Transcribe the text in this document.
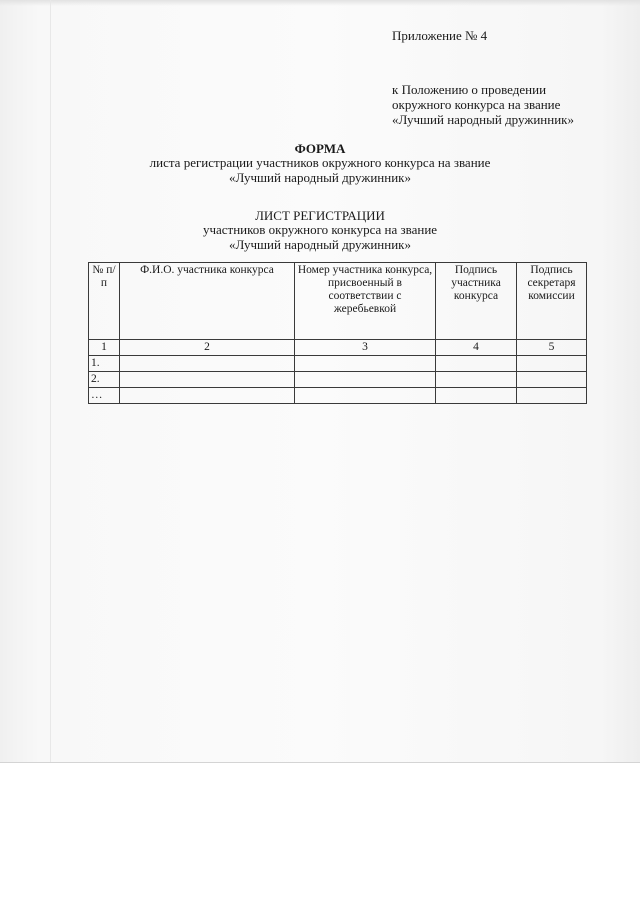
Приложение № 4
к Положению о проведении
окружного конкурса на звание
«Лучший народный дружинник»
ФОРМА
листа регистрации участников окружного конкурса на звание
«Лучший народный дружинник»
ЛИСТ РЕГИСТРАЦИИ
участников окружного конкурса на звание
«Лучший народный дружинник»
№ п/п	Ф.И.О. участника конкурса	Номер участника конкурса, присвоенный в соответствии с жеребьевкой	Подпись участника конкурса	Подпись секретаря комиссии
1	2	3	4	5
1.				
2.				
…				
